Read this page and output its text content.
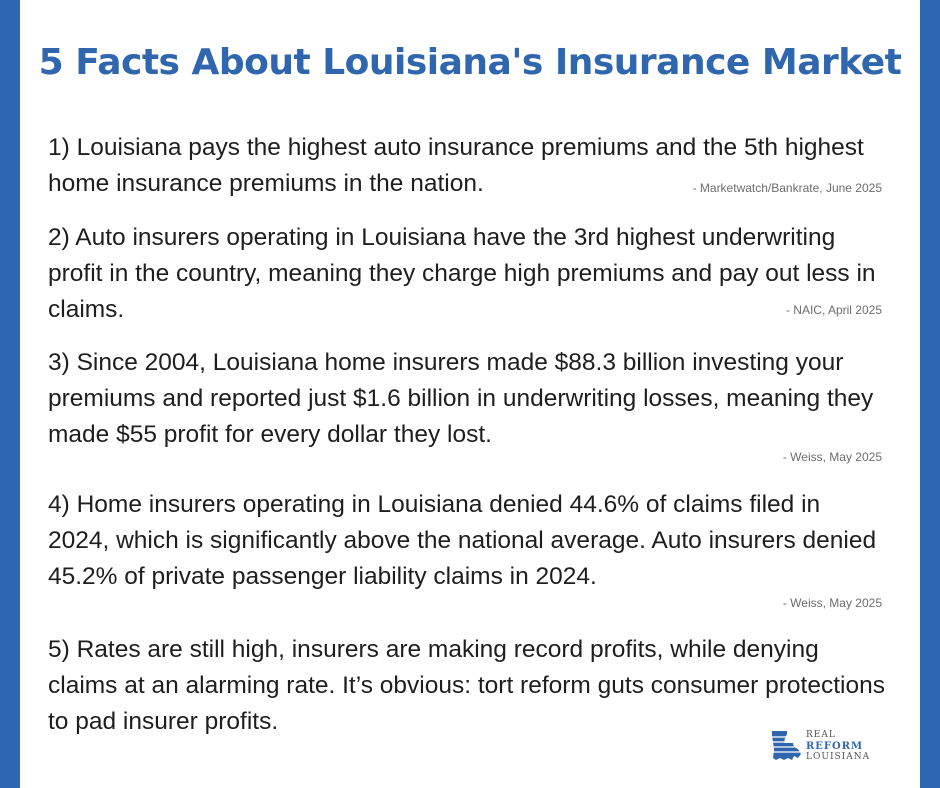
5 Facts About Louisiana's Insurance Market

1) Louisiana pays the highest auto insurance premiums and the 5th highest home insurance premiums in the nation.	- Marketwatch/Bankrate, June 2025

2) Auto insurers operating in Louisiana have the 3rd highest underwriting profit in the country, meaning they charge high premiums and pay out less in claims.	- NAIC, April 2025

3) Since 2004, Louisiana home insurers made $88.3 billion investing your premiums and reported just $1.6 billion in underwriting losses, meaning they made $55 profit for every dollar they lost.

- Weiss, May 2025

4) Home insurers operating in Louisiana denied 44.6% of claims filed in 2024, which is significantly above the national average. Auto insurers denied 45.2% of private passenger liability claims in 2024.

- Weiss, May 2025

5) Rates are still high, insurers are making record profits, while denying claims at an alarming rate. It’s obvious: tort reform guts consumer protections to pad insurer profits.	REAL
REFORM
LOUISIANA
